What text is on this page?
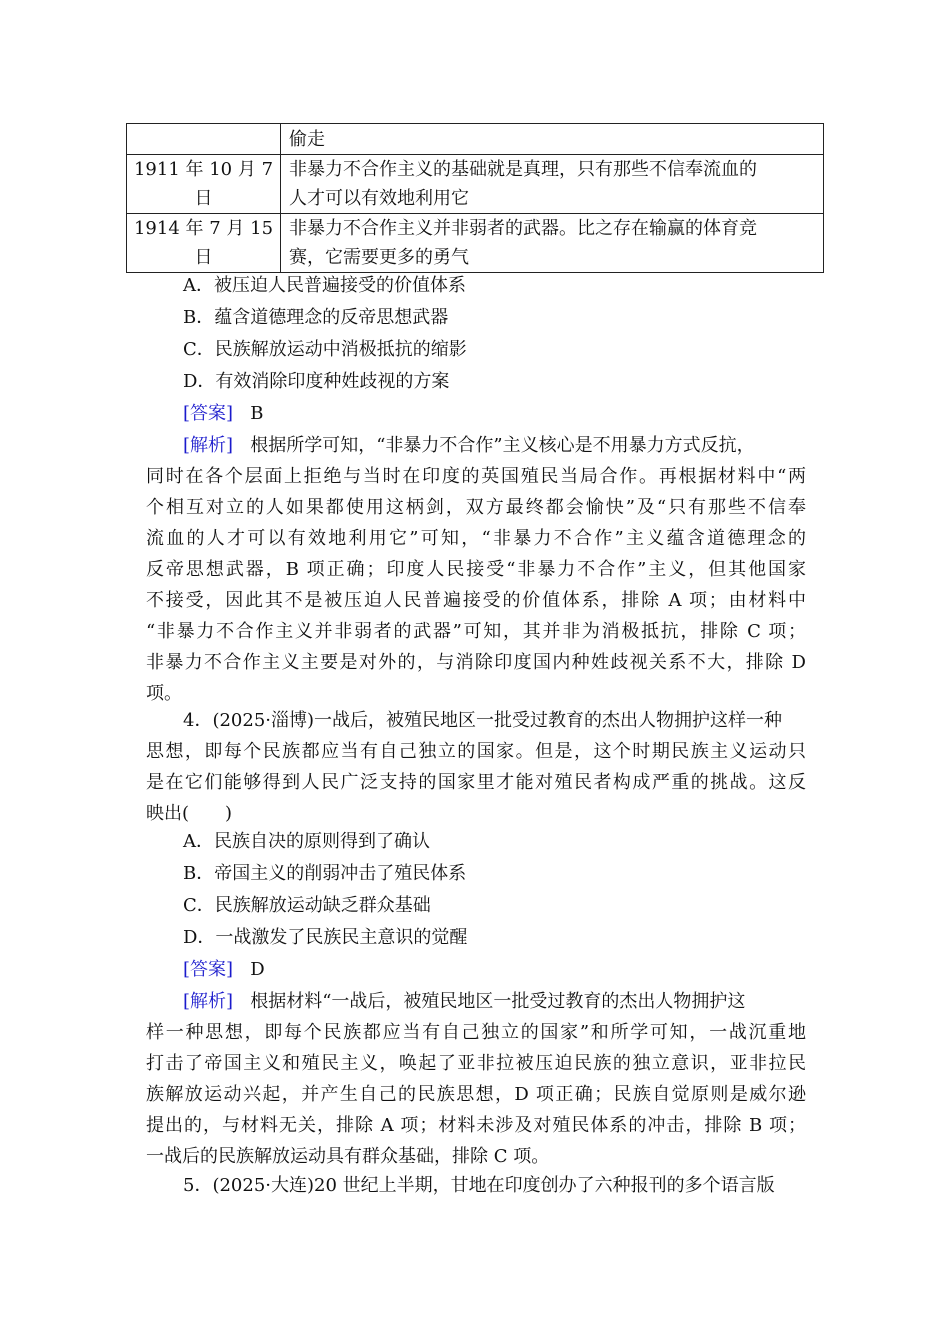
	偷走

1911 年 10 月 7 日	非暴力不合作主义的基础就是真理，只有那些不信奉流血的
人才可以有效地利用它

1914 年 7 月 15 日	非暴力不合作主义并非弱者的武器。比之存在输赢的体育竞
赛，它需要更多的勇气
A．被压迫人民普遍接受的价值体系
B．蕴含道德理念的反帝思想武器
C．民族解放运动中消极抵抗的缩影
D．有效消除印度种姓歧视的方案
[答案] B
[解析] 根据所学可知，“非暴力不合作”主义核心是不用暴力方式反抗，
同时在各个层面上拒绝与当时在印度的英国殖民当局合作。再根据材料中“两
个相互对立的人如果都使用这柄剑，双方最终都会愉快”及“只有那些不信奉
流血的人才可以有效地利用它”可知，“非暴力不合作”主义蕴含道德理念的
反帝思想武器，B 项正确；印度人民接受“非暴力不合作”主义，但其他国家
不接受，因此其不是被压迫人民普遍接受的价值体系，排除 A 项；由材料中
“非暴力不合作主义并非弱者的武器”可知，其并非为消极抵抗，排除 C 项；
非暴力不合作主义主要是对外的，与消除印度国内种姓歧视关系不大，排除 D
项。
4．(2025·淄博)一战后，被殖民地区一批受过教育的杰出人物拥护这样一种
思想，即每个民族都应当有自己独立的国家。但是，这个时期民族主义运动只
是在它们能够得到人民广泛支持的国家里才能对殖民者构成严重的挑战。这反
映出(　　)
A．民族自决的原则得到了确认
B．帝国主义的削弱冲击了殖民体系
C．民族解放运动缺乏群众基础
D．一战激发了民族民主意识的觉醒
[答案] D
[解析] 根据材料“一战后，被殖民地区一批受过教育的杰出人物拥护这
样一种思想，即每个民族都应当有自己独立的国家”和所学可知，一战沉重地
打击了帝国主义和殖民主义，唤起了亚非拉被压迫民族的独立意识，亚非拉民
族解放运动兴起，并产生自己的民族思想，D 项正确；民族自觉原则是威尔逊
提出的，与材料无关，排除 A 项；材料未涉及对殖民体系的冲击，排除 B 项；
一战后的民族解放运动具有群众基础，排除 C 项。
5．(2025·大连)20 世纪上半期，甘地在印度创办了六种报刊的多个语言版
